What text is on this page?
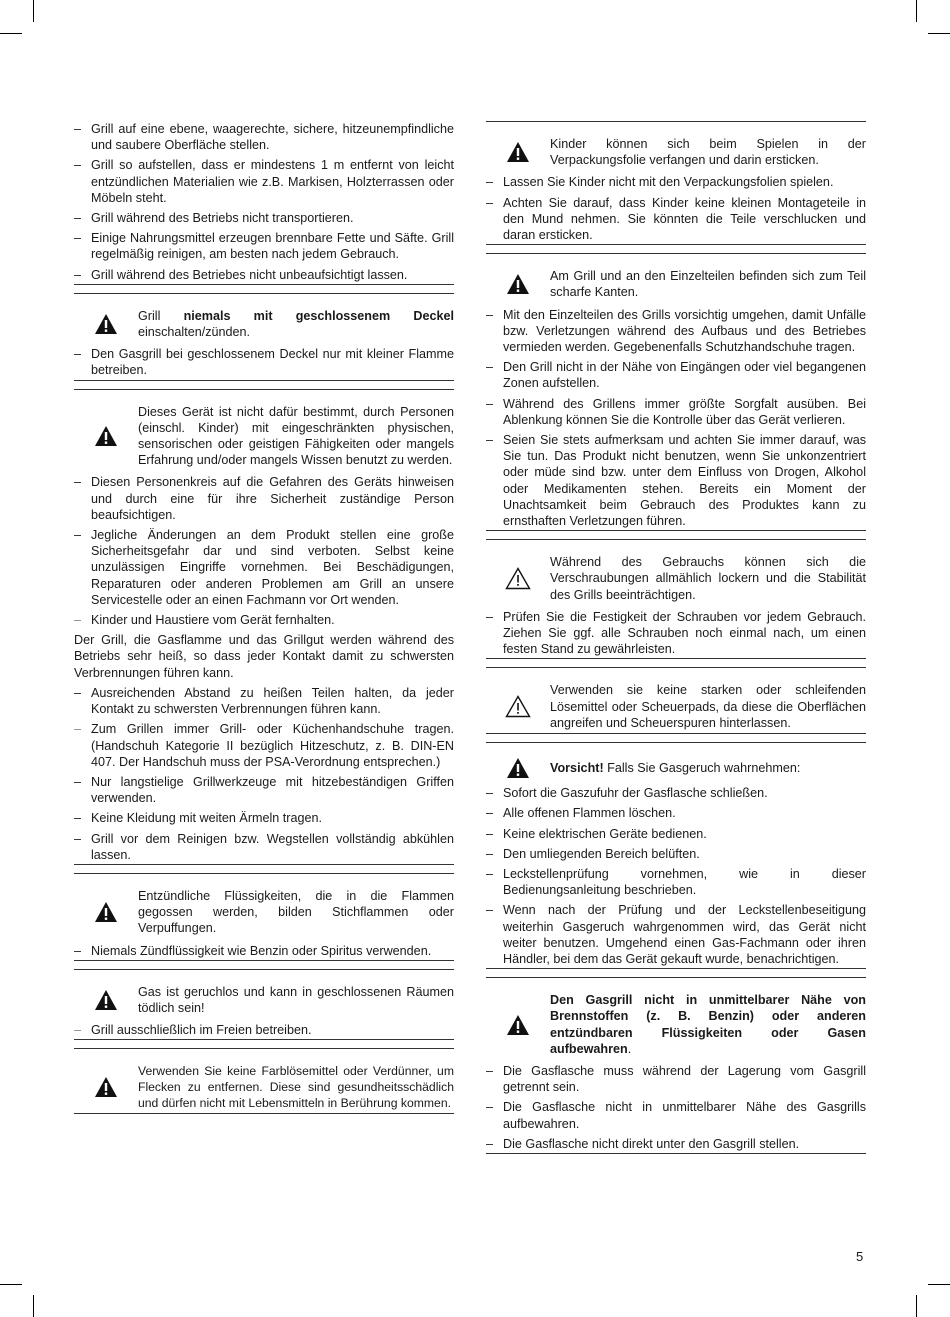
– Grill auf eine ebene, waagerechte, sichere, hitzeunempfindliche und saubere Oberfläche stellen.
– Grill so aufstellen, dass er mindestens 1 m entfernt von leicht entzündlichen Materialien wie z.B. Markisen, Holzterrassen oder Möbeln steht.
– Grill während des Betriebs nicht transportieren.
– Einige Nahrungsmittel erzeugen brennbare Fette und Säfte. Grill regelmäßig reinigen, am besten nach jedem Gebrauch.
– Grill während des Betriebes nicht unbeaufsichtigt lassen.
Grill niemals mit geschlossenem Deckel einschalten/zünden.
– Den Gasgrill bei geschlossenem Deckel nur mit kleiner Flamme betreiben.
Dieses Gerät ist nicht dafür bestimmt, durch Personen (einschl. Kinder) mit eingeschränkten physischen, sensorischen oder geistigen Fähigkeiten oder mangels Erfahrung und/oder mangels Wissen benutzt zu werden.
– Diesen Personenkreis auf die Gefahren des Geräts hinweisen und durch eine für ihre Sicherheit zuständige Person beaufsichtigen.
– Jegliche Änderungen an dem Produkt stellen eine große Sicherheitsgefahr dar und sind verboten. Selbst keine unzulässigen Eingriffe vornehmen. Bei Beschädigungen, Reparaturen oder anderen Problemen am Grill an unsere Servicestelle oder an einen Fachmann vor Ort wenden.
– Kinder und Haustiere vom Gerät fernhalten.
Der Grill, die Gasflamme und das Grillgut werden während des Betriebs sehr heiß, so dass jeder Kontakt damit zu schwersten Verbrennungen führen kann.
– Ausreichenden Abstand zu heißen Teilen halten, da jeder Kontakt zu schwersten Verbrennungen führen kann.
– Zum Grillen immer Grill- oder Küchenhandschuhe tragen. (Handschuh Kategorie II bezüglich Hitzeschutz, z. B. DIN-EN 407. Der Handschuh muss der PSA-Verordnung entsprechen.)
– Nur langstielige Grillwerkzeuge mit hitzebeständigen Griffen verwenden.
– Keine Kleidung mit weiten Ärmeln tragen.
– Grill vor dem Reinigen bzw. Wegstellen vollständig abkühlen lassen.
Entzündliche Flüssigkeiten, die in die Flammen gegossen werden, bilden Stichflammen oder Verpuffungen.
– Niemals Zündflüssigkeit wie Benzin oder Spiritus verwenden.
Gas ist geruchlos und kann in geschlossenen Räumen tödlich sein!
– Grill ausschließlich im Freien betreiben.
Verwenden Sie keine Farblösemittel oder Verdünner, um Flecken zu entfernen. Diese sind gesundheitsschädlich und dürfen nicht mit Lebensmitteln in Berührung kommen.
Kinder können sich beim Spielen in der Verpackungsfolie verfangen und darin ersticken.
– Lassen Sie Kinder nicht mit den Verpackungsfolien spielen.
– Achten Sie darauf, dass Kinder keine kleinen Montageteile in den Mund nehmen. Sie könnten die Teile verschlucken und daran ersticken.
Am Grill und an den Einzelteilen befinden sich zum Teil scharfe Kanten.
– Mit den Einzelteilen des Grills vorsichtig umgehen, damit Unfälle bzw. Verletzungen während des Aufbaus und des Betriebes vermieden werden. Gegebenenfalls Schutzhandschuhe tragen.
– Den Grill nicht in der Nähe von Eingängen oder viel begangenen Zonen aufstellen.
– Während des Grillens immer größte Sorgfalt ausüben. Bei Ablenkung können Sie die Kontrolle über das Gerät verlieren.
– Seien Sie stets aufmerksam und achten Sie immer darauf, was Sie tun. Das Produkt nicht benutzen, wenn Sie unkonzentriert oder müde sind bzw. unter dem Einfluss von Drogen, Alkohol oder Medikamenten stehen. Bereits ein Moment der Unachtsamkeit beim Gebrauch des Produktes kann zu ernsthaften Verletzungen führen.
Während des Gebrauchs können sich die Verschraubungen allmählich lockern und die Stabilität des Grills beeinträchtigen.
– Prüfen Sie die Festigkeit der Schrauben vor jedem Gebrauch. Ziehen Sie ggf. alle Schrauben noch einmal nach, um einen festen Stand zu gewährleisten.
Verwenden sie keine starken oder schleifenden Lösemittel oder Scheuerpads, da diese die Oberflächen angreifen und Scheuerspuren hinterlassen.
Vorsicht! Falls Sie Gasgeruch wahrnehmen:
– Sofort die Gaszufuhr der Gasflasche schließen.
– Alle offenen Flammen löschen.
– Keine elektrischen Geräte bedienen.
– Den umliegenden Bereich belüften.
– Leckstellenprüfung vornehmen, wie in dieser Bedienungsanleitung beschrieben.
– Wenn nach der Prüfung und der Leckstellenbeseitigung weiterhin Gasgeruch wahrgenommen wird, das Gerät nicht weiter benutzen. Umgehend einen Gas-Fachmann oder ihren Händler, bei dem das Gerät gekauft wurde, benachrichtigen.
Den Gasgrill nicht in unmittelbarer Nähe von Brennstoffen (z. B. Benzin) oder anderen entzündbaren Flüssigkeiten oder Gasen aufbewahren.
– Die Gasflasche muss während der Lagerung vom Gasgrill getrennt sein.
– Die Gasflasche nicht in unmittelbarer Nähe des Gasgrills aufbewahren.
– Die Gasflasche nicht direkt unter den Gasgrill stellen.
5
